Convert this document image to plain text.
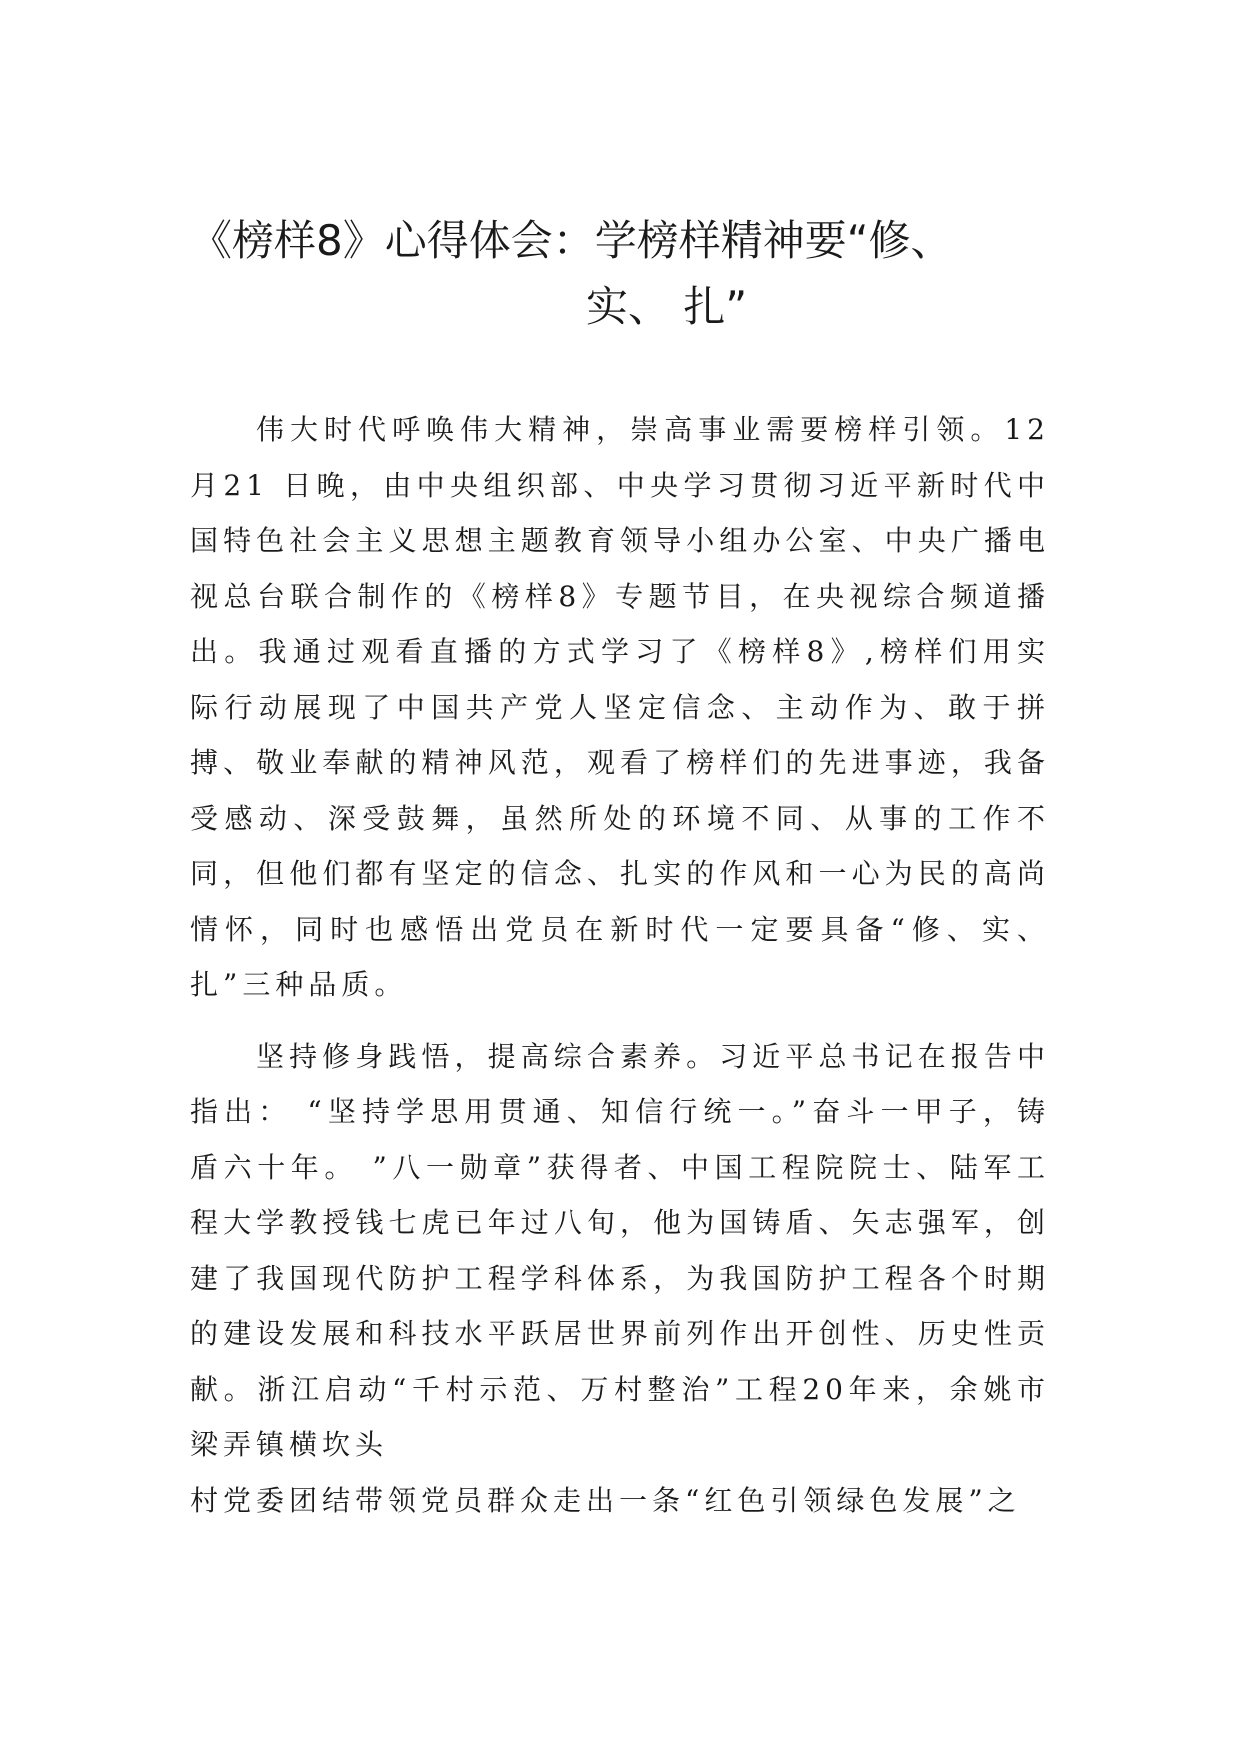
《榜样8》心得体会：学榜样精神要“修、
实、 扎”

伟大时代呼唤伟大精神，崇高事业需要榜样引领。12月21 日晚，由中央组织部、中央学习贯彻习近平新时代中国特色社会主义思想主题教育领导小组办公室、中央广播电视总台联合制作的《榜样8》专题节目，在央视综合频道播出。我通过观看直播的方式学习了《榜样8》,榜样们用实际行动展现了中国共产党人坚定信念、主动作为、敢于拼搏、敬业奉献的精神风范，观看了榜样们的先进事迹，我备受感动、深受鼓舞，虽然所处的环境不同、从事的工作不同，但他们都有坚定的信念、扎实的作风和一心为民的高尚情怀，同时也感悟出党员在新时代一定要具备“修、实、扎”三种品质。

坚持修身践悟，提高综合素养。习近平总书记在报告中指出： “坚持学思用贯通、知信行统一。”奋斗一甲子，铸盾六十年。 ”八一勋章”获得者、中国工程院院士、陆军工程大学教授钱七虎已年过八旬，他为国铸盾、矢志强军，创建了我国现代防护工程学科体系，为我国防护工程各个时期的建设发展和科技水平跃居世界前列作出开创性、历史性贡献。浙江启动“千村示范、万村整治”工程20年来，余姚市梁弄镇横坎头

村党委团结带领党员群众走出一条“红色引领绿色发展”之
